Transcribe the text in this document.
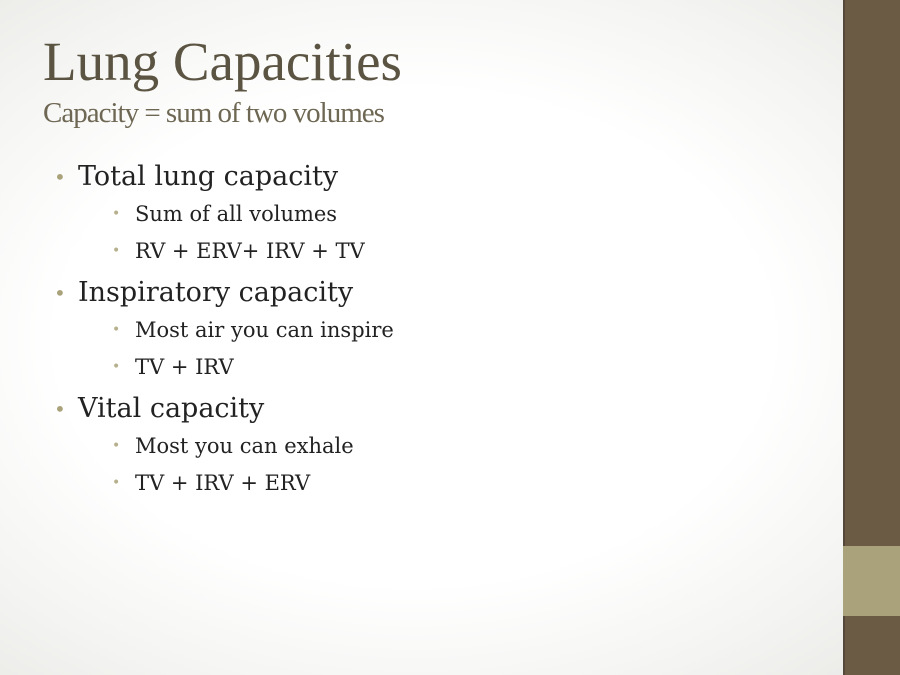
Lung Capacities
Capacity = sum of two volumes
• Total lung capacity
• Sum of all volumes
• RV + ERV+ IRV + TV
• Inspiratory capacity
• Most air you can inspire
• TV + IRV
• Vital capacity
• Most you can exhale
• TV + IRV + ERV
